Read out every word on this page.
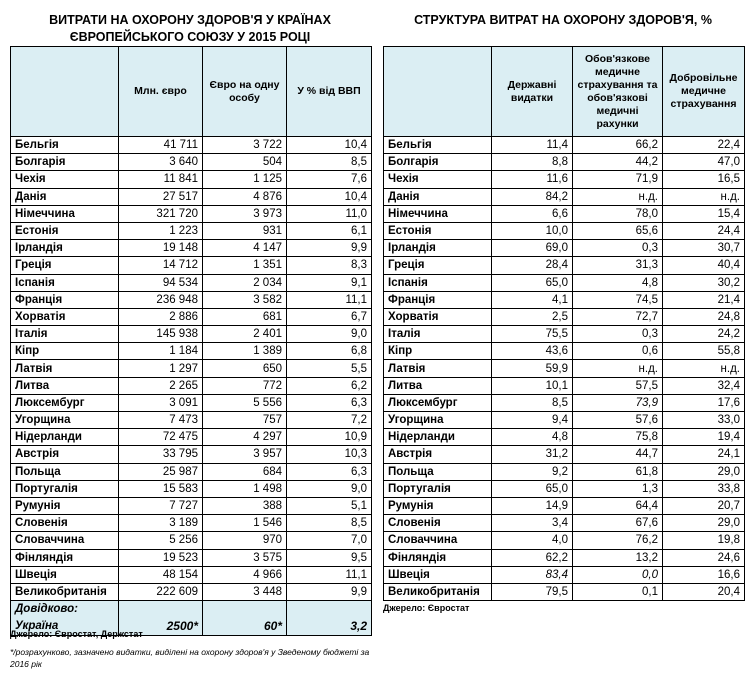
ВИТРАТИ НА ОХОРОНУ ЗДОРОВ'Я У КРАЇНАХ ЄВРОПЕЙСЬКОГО СОЮЗУ У 2015 РОЦІ
СТРУКТУРА ВИТРАТ НА ОХОРОНУ ЗДОРОВ'Я, %
	Млн. євро	Євро на одну особу	У % від ВВП
Бельгія	41 711	3 722	10,4
Болгарія	3 640	504	8,5
Чехія	11 841	1 125	7,6
Данія	27 517	4 876	10,4
Німеччина	321 720	3 973	11,0
Естонія	1 223	931	6,1
Ірландія	19 148	4 147	9,9
Греція	14 712	1 351	8,3
Іспанія	94 534	2 034	9,1
Франція	236 948	3 582	11,1
Хорватія	2 886	681	6,7
Італія	145 938	2 401	9,0
Кіпр	1 184	1 389	6,8
Латвія	1 297	650	5,5
Литва	2 265	772	6,2
Люксембург	3 091	5 556	6,3
Угорщина	7 473	757	7,2
Нідерланди	72 475	4 297	10,9
Австрія	33 795	3 957	10,3
Польща	25 987	684	6,3
Португалія	15 583	1 498	9,0
Румунія	7 727	388	5,1
Словенія	3 189	1 546	8,5
Словаччина	5 256	970	7,0
Фінляндія	19 523	3 575	9,5
Швеція	48 154	4 966	11,1
Великобританія	222 609	3 448	9,9
Довідково:			
Україна	2500*	60*	3,2
	Державні видатки	Обов'язкове медичне страхування та обов'язкові медичні рахунки	Добровільне медичне страхування
Бельгія	11,4	66,2	22,4
Болгарія	8,8	44,2	47,0
Чехія	11,6	71,9	16,5
Данія	84,2	н.д.	н.д.
Німеччина	6,6	78,0	15,4
Естонія	10,0	65,6	24,4
Ірландія	69,0	0,3	30,7
Греція	28,4	31,3	40,4
Іспанія	65,0	4,8	30,2
Франція	4,1	74,5	21,4
Хорватія	2,5	72,7	24,8
Італія	75,5	0,3	24,2
Кіпр	43,6	0,6	55,8
Латвія	59,9	н.д.	н.д.
Литва	10,1	57,5	32,4
Люксембург	8,5	73,9	17,6
Угорщина	9,4	57,6	33,0
Нідерланди	4,8	75,8	19,4
Австрія	31,2	44,7	24,1
Польща	9,2	61,8	29,0
Португалія	65,0	1,3	33,8
Румунія	14,9	64,4	20,7
Словенія	3,4	67,6	29,0
Словаччина	4,0	76,2	19,8
Фінляндія	62,2	13,2	24,6
Швеція	83,4	0,0	16,6
Великобританія	79,5	0,1	20,4
Джерело: Євростат, Держстат
Джерело: Євростат
*/розрахунково, зазначено видатки, виділені на охорону здоров'я у Зведеному бюджеті за 2016 рік
